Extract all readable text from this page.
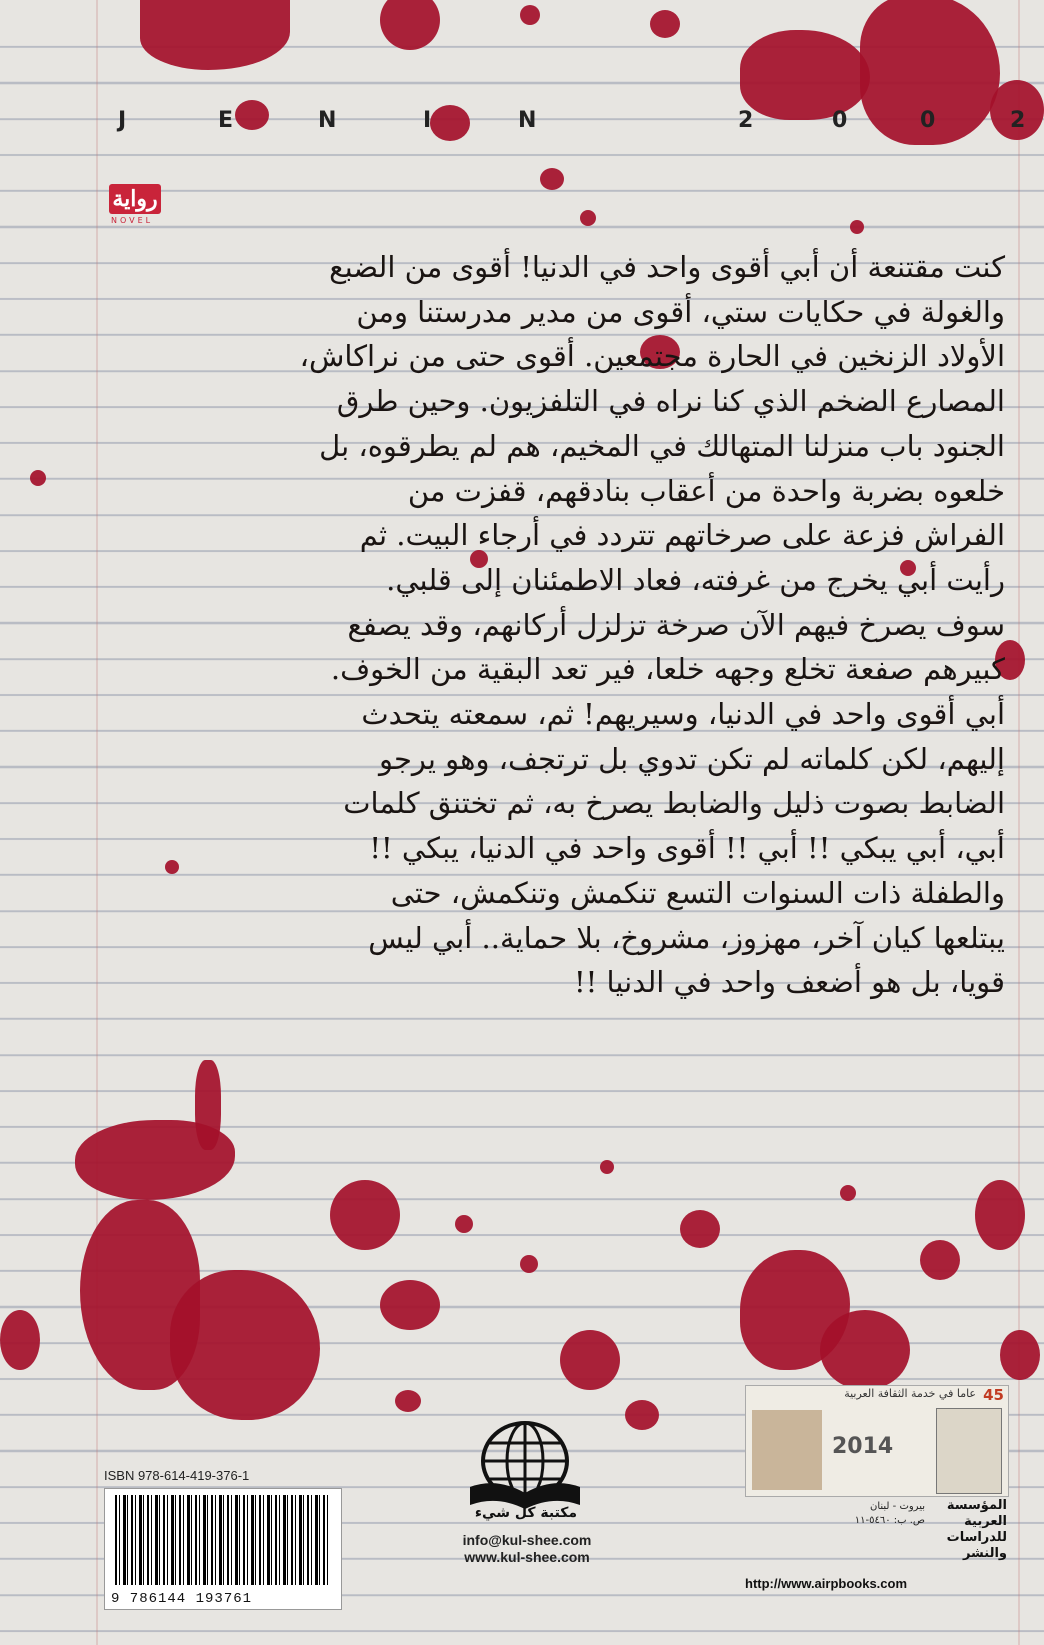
J	E	N	I	N	2	0	0	2
رواية
NOVEL

كنت مقتنعة أن أبي أقوى واحد في الدنيا! أقوى من الضبع

والغولة في حكايات ستي، أقوى من مدير مدرستنا ومن

الأولاد الزنخين في الحارة مجتمعين. أقوى حتى من نراكاش،

المصارع الضخم الذي كنا نراه في التلفزيون. وحين طرق

الجنود باب منزلنا المتهالك في المخيم، هم لم يطرقوه، بل

خلعوه بضربة واحدة من أعقاب بنادقهم، قفزت من

الفراش فزعة على صرخاتهم تتردد في أرجاء البيت. ثم

رأيت أبي يخرج من غرفته، فعاد الاطمئنان إلى قلبي.

سوف يصرخ فيهم الآن صرخة تزلزل أركانهم، وقد يصفع

كبيرهم صفعة تخلع وجهه خلعا، فير تعد البقية من الخوف.

أبي أقوى واحد في الدنيا، وسيريهم! ثم، سمعته يتحدث

إليهم، لكن كلماته لم تكن تدوي بل ترتجف، وهو يرجو

الضابط بصوت ذليل والضابط يصرخ به، ثم تختنق كلمات

أبي، أبي يبكي !! أبي !! أقوى واحد في الدنيا، يبكي !!

والطفلة ذات السنوات التسع تنكمش وتنكمش، حتى

يبتلعها كيان آخر، مهزوز، مشروخ، بلا حماية.. أبي ليس

قويا، بل هو أضعف واحد في الدنيا !!

ISBN 978-614-419-376-1
9 786144 193761
مكتبة كل شيء
info@kul-shee.com
www.kul-shee.com
45
عاما في خدمة الثقافة العربية
2014
المؤسسة العربية للدراسات والنشر
بيروت - لبنان
ص. ب: ٥٤٦٠-١١
http://www.airpbooks.com
